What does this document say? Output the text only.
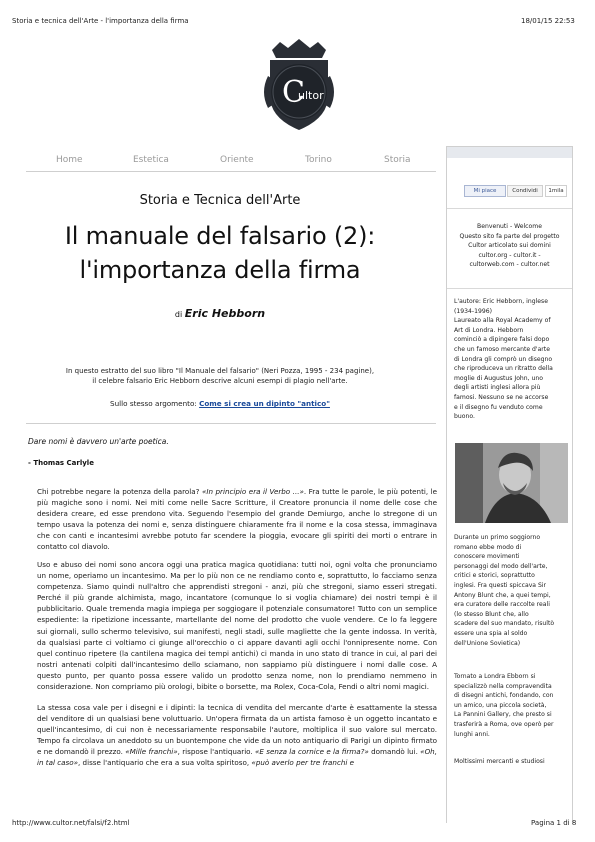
Storia e tecnica dell'Arte - l'importanza della firma	18/01/15 22:53
C
ultor
Home	Estetica	Oriente	Torino	Storia
Mi piace	Condividi	1mila
Benvenuti - Welcome
Questo sito fa parte del progetto
Cultor articolato sui domini
cultor.org - cultor.it -
cultorweb.com - cultor.net
L'autore: Eric Hebborn, inglese
(1934-1996)
Laureato alla Royal Academy of
Art di Londra. Hebborn
cominciò a dipingere falsi dopo
che un famoso mercante d'arte
di Londra gli comprò un disegno
che riproduceva un ritratto della
moglie di Augustus John, uno
degli artisti inglesi allora più
famosi. Nessuno se ne accorse
e il disegno fu venduto come
buono.
Durante un primo soggiorno
romano ebbe modo di
conoscere movimenti
personaggi del modo dell'arte,
critici e storici, soprattutto
inglesi. Fra questi spiccava Sir
Antony Blunt che, a quei tempi,
era curatore delle raccolte reali
(lo stesso Blunt che, allo
scadere del suo mandato, risultò
essere una spia al soldo
dell'Unione Sovietica)
Tornato a Londra Ebborn si
specializzò nella compravendita
di disegni antichi, fondando, con
un amico, una piccola società,
La Pannini Gallery, che presto si
trasferirà a Roma, ove operò per
lunghi anni.
Moltissimi mercanti e studiosi
Storia e Tecnica dell'Arte
Il manuale del falsario (2):
l'importanza della firma
di Eric Hebborn
In questo estratto del suo libro "Il Manuale del falsario" (Neri Pozza, 1995 - 234 pagine),
il celebre falsario Eric Hebborn descrive alcuni esempi di plagio nell'arte.
Sullo stesso argomento: Come si crea un dipinto "antico"
Dare nomi è davvero un'arte poetica.
- Thomas Carlyle
Chi potrebbe negare la potenza della parola? «In principio era il Verbo ...». Fra tutte le parole, le più potenti, le più magiche sono i nomi. Nei miti come nelle Sacre Scritture, il Creatore pronuncia il nome delle cose che desidera creare, ed esse prendono vita. Seguendo l'esempio del grande Demiurgo, anche lo stregone di un tempo usava la potenza dei nomi e, senza distinguere chiaramente fra il nome e la cosa stessa, immaginava che con canti e incantesimi avrebbe potuto far scendere la pioggia, evocare gli spiriti dei morti o entrare in contatto col diavolo.
Uso e abuso dei nomi sono ancora oggi una pratica magica quotidiana: tutti noi, ogni volta che pronunciamo un nome, operiamo un incantesimo. Ma per lo più non ce ne rendiamo conto e, soprattutto, lo facciamo senza competenza. Siamo quindi null'altro che apprendisti stregoni - anzi, più che stregoni, siamo esseri stregati. Perché il più grande alchimista, mago, incantatore (comunque lo si voglia chiamare) dei nostri tempi è il pubblicitario. Quale tremenda magia impiega per soggiogare il potenziale consumatore! Tutto con un semplice espediente: la ripetizione incessante, martellante del nome del prodotto che vuole vendere. Ce lo fa leggere sui giornali, sullo schermo televisivo, sui manifesti, negli stadi, sulle magliette che la gente indossa. In verità, da qualsiasi parte ci voltiamo ci giunge all'orecchio o ci appare davanti agli occhi l'onnipresente nome. Con quel continuo ripetere (la cantilena magica dei tempi antichi) ci manda in uno stato di trance in cui, al pari dei nostri antenati colpiti dall'incantesimo dello sciamano, non sappiamo più distinguere i nomi dalle cose. A questo punto, per quanto possa essere valido un prodotto senza nome, non lo prendiamo nemmeno in considerazione. Non compriamo più orologi, bibite o borsette, ma Rolex, Coca-Cola, Fendi o altri nomi magici.
La stessa cosa vale per i disegni e i dipinti: la tecnica di vendita del mercante d'arte è esattamente la stessa del venditore di un qualsiasi bene voluttuario. Un'opera firmata da un artista famoso è un oggetto incantato e quell'incantesimo, di cui non è necessariamente responsabile l'autore, moltiplica il suo valore sul mercato. Tempo fa circolava un aneddoto su un buontempone che vide da un noto antiquario di Parigi un dipinto firmato e ne domandò il prezzo. «Mille franchi», rispose l'antiquario. «E senza la cornice e la firma?» domandò lui. «Oh, in tal caso», disse l'antiquario che era a sua volta spiritoso, «può averlo per tre franchi e
http://www.cultor.net/falsi/f2.html	Pagina 1 di 8
